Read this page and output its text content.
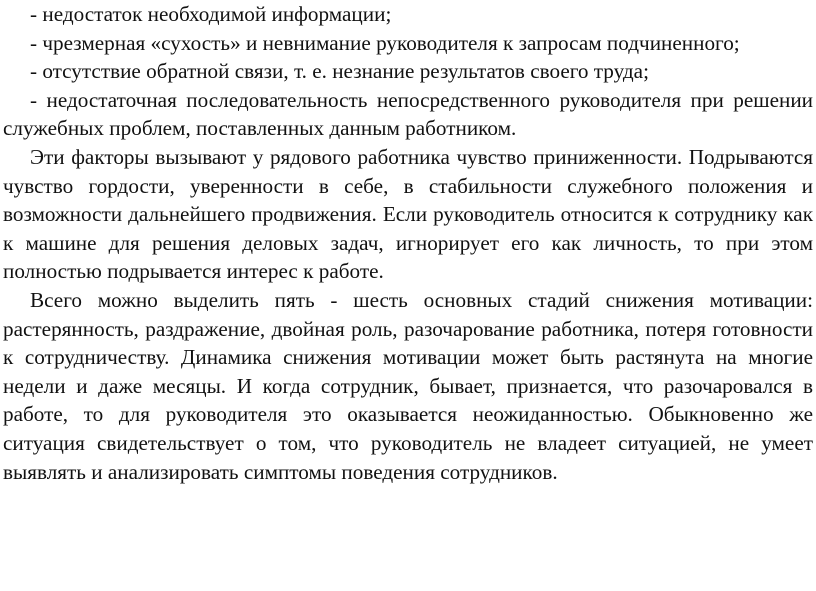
- недостаток необходимой информации;

- чрезмерная «сухость» и невнимание руководителя к запросам подчиненного;

- отсутствие обратной связи, т. е. незнание результатов своего труда;

- недостаточная последовательность непосредственного руководителя при решении служебных проблем, поставленных данным работником.

Эти факторы вызывают у рядового работника чувство приниженности. Подрываются чувство гордости, уверенности в себе, в стабильности служебного положения и возможности дальнейшего продвижения. Если руководитель относится к сотруднику как к машине для решения деловых задач, игнорирует его как личность, то при этом полностью подрывается интерес к работе.

Всего можно выделить пять - шесть основных стадий снижения мотивации: растерянность, раздражение, двойная роль, разочарование работника, потеря готовности к сотрудничеству. Динамика снижения мотивации может быть растянута на многие недели и даже месяцы. И когда сотрудник, бывает, признается, что разочаровался в работе, то для руководителя это оказывается неожиданностью. Обыкновенно же ситуация свидетельствует о том, что руководитель не владеет ситуацией, не умеет выявлять и анализировать симптомы поведения сотрудников.
